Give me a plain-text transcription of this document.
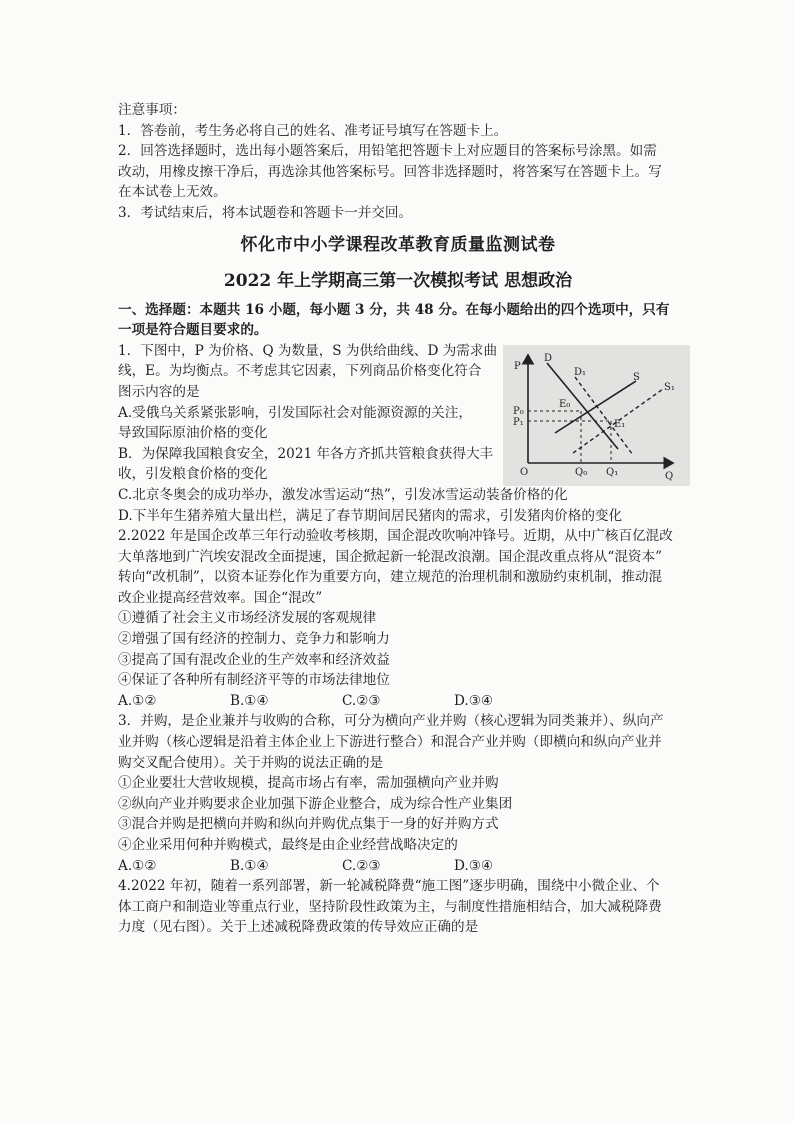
注意事项：
1．答卷前，考生务必将自己的姓名、准考证号填写在答题卡上。
2．回答选择题时，选出每小题答案后，用铅笔把答题卡上对应题目的答案标号涂黑。如需
改动，用橡皮擦干净后，再选涂其他答案标号。回答非选择题时，将答案写在答题卡上。写
在本试卷上无效。
3．考试结束后，将本试题卷和答题卡一并交回。
怀化市中小学课程改革教育质量监测试卷
2022 年上学期高三第一次模拟考试 思想政治
一、选择题：本题共 16 小题，每小题 3 分，共 48 分。在每小题给出的四个选项中，只有
一项是符合题目要求的。
1．下图中，P 为价格、Q 为数量，S 为供给曲线、D 为需求曲
线，E。为均衡点。不考虑其它因素，下列商品价格变化符合
图示内容的是
A.受俄乌关系紧张影响，引发国际社会对能源资源的关注，
导致国际原油价格的变化
B．为保障我国粮食安全，2021 年各方齐抓共管粮食获得大丰
收，引发粮食价格的变化
C.北京冬奥会的成功举办，激发冰雪运动“热”，引发冰雪运动装备价格的化
D.下半年生猪养殖大量出栏，满足了春节期间居民猪肉的需求，引发猪肉价格的变化
2.2022 年是国企改革三年行动验收考核期，国企混改吹响冲锋号。近期，从中广核百亿混改
大单落地到广汽埃安混改全面提速，国企掀起新一轮混改浪潮。国企混改重点将从“混资本”
转向“改机制”，以资本证券化作为重要方向，建立规范的治理机制和激励约束机制，推动混
改企业提高经营效率。国企“混改”
①遵循了社会主义市场经济发展的客观规律
②增强了国有经济的控制力、竞争力和影响力
③提高了国有混改企业的生产效率和经济效益
④保证了各种所有制经济平等的市场法律地位
A.①②	B.①④	C.②③	D.③④
3．并购，是企业兼并与收购的合称，可分为横向产业并购（核心逻辑为同类兼并）、纵向产
业并购（核心逻辑是沿着主体企业上下游进行整合）和混合产业并购（即横向和纵向产业并
购交叉配合使用）。关于并购的说法正确的是
①企业要壮大营收规模，提高市场占有率，需加强横向产业并购
②纵向产业并购要求企业加强下游企业整合，成为综合性产业集团
③混合并购是把横向并购和纵向并购优点集于一身的好并购方式
④企业采用何种并购模式，最终是由企业经营战略决定的
A.①②	B.①④	C.②③	D.③④
4.2022 年初，随着一系列部署，新一轮减税降费“施工图”逐步明确，围绕中小微企业、个
体工商户和制造业等重点行业，坚持阶段性政策为主，与制度性措施相结合，加大减税降费
力度（见右图）。关于上述减税降费政策的传导效应正确的是
P
Q
O
D
D₁	S
S₁
P₀
P₁
E₀
E₁
Q₀ Q₁
